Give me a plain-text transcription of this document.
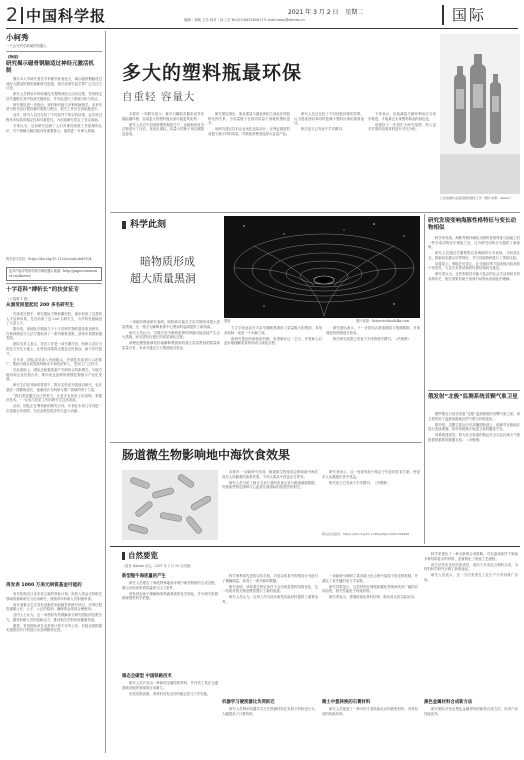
2 中国科学报	2021 年 3 月 2 日 星期二
编辑｜高峡 文乐 校对｜何工芬 Tel:(010)62580617 E-mail:news@stimes.cn	国际
小柯秀
一个会写科学新闻的机器人
《物理》
研究揭示磁骨钢脑适过神经元激活机制

墨尔本大学研究者在学术期刊发表论文，揭示磁骨钢脑适过神经元激活机制的最新研究进展，相关成果引起学界广泛关注与讨论。

研究人员利用多种成像技术观察神经元活动过程，发现特定信号通路在其中扮演关键角色，并对此进行了系统分析与验证。

研究团队进一步指出，该机制可能与多种疾病相关，未来有望为相关治疗提供新的思路与靶点，相关工作仍在持续推进中。

此外，研究人员还比较了不同条件下的实验结果，证实该过程具有较高的稳定性和可重复性，为后续研究奠定了坚实基础。

专家认为，这项研究加深了人们对神经系统工作原理的认识，对于理解大脑功能具有重要意义，值得进一步深入探索。

相关论文信息：https://doi.org/10.1126/sciadv.abd9104
更多内容详见科学网小柯机器人频道：http://paper.sciencenet.cn/Alnews/
十字花科“搏斩长”的扶贫征专
（上接第 1 版）
从演变回望起近 200 多名研究生

在演变过程中，研究团队不断积累经验，逐步形成了完善的人才培养体系，先后培养了近 200 名研究生，为学科发展输送了大量人才。

据介绍，该团队长期致力于十字花科作物的遗传改良研究，在育种理论与方法方面取得了一系列重要成果，获得多项国家级奖励。

团队负责人表示，扶贫工作是一项长期任务，科研人员应当把论文写在大地上，让科技成果真正惠及农民群众，助力乡村振兴。

多年来，团队成员深入田间地头，开展技术培训与示范推广，帮助当地农民提高种植水平和经济收入，受到了广泛好评。

在此基础上，团队还积极探索产学研结合的新模式，与地方政府和企业开展合作，推动优良品种的规模化种植与产业化发展。

研究生们在导师的带领下，既在实验室开展前沿研究，也在基层一线锻炼成长，逐渐成长为科研与推广领域的骨干力量。

“我们希望通过自己的努力，让更多农民用上好品种、掌握好技术。”一位参与扶贫工作的研究生这样说道。

目前，团队正在筹划新的研究方向，计划在未来几年内进一步拓展合作范围，为农业科技进步作出更大贡献。

再发表 1000 万美元病资基金可能的

有关机构近日宣布设立新的资助计划，拟投入资金支持相关领域的基础研究与应用研究，鼓励青年科研人员积极申请。

该计划重点关注具有创新性和前瞻性的研究项目，评审过程将遵循公开、公平、公正的原则，确保资金得到合理使用。

业内人士认为，这一举措将有效缓解部分研究团队的经费压力，激发科研人员的创新活力，推动相关学科持续健康发展。

据悉，首批资助项目名单预计将于年内公布，后续还将根据实施情况对计划进行动态调整和完善。

多大的塑料瓶最环保
自重轻 容量大
已完成棉铃虫基因组的测序工作（图片来源：Alamy）

本报讯 一项研究显示，就可口罐装容器来说并非越轻越环保，容量更大的塑料瓶反而可能更具优势。

研究人员对不同规格塑料瓶的生产、运输和回收全过程进行了评估，发现自重轻、容量大的瓶子单位碳排放更低。

研究团队指出，瓶身重量与盛装体积之间存在明显的比例关系，小容量瓶子在相同用量下消耗的塑料更多。

该研究建议饮料企业优化包装设计，在保证强度的前提下减少材料用量，并鼓励消费者选择大容量产品。

研究人员还比较了不同回收体系的效果，认为提高回收率同样是减少塑料污染的重要途径。

相关论文已发表于学术期刊。

专家表示，包装减量与循环利用应当同步推进，才能真正实现塑料制品的绿色化。

该团队下一步将扩大研究范围，纳入更多类型的包装材料进行对比分析。

科学此刻
暗物质形成
超大质量黑洞
黑洞	图片来源：hetnovtsobachilka.com

一项新的理论研究表明，暗物质可能在宇宙早期形成超大质量黑洞，这一观点为解释星系中心黑洞的起源提供了新线索。

研究人员认为，早期宇宙中暗物质晕的坍缩可能直接产生巨大黑洞，而无需经历漫长的恒星演化过程。

该理论模型能够较好地解释观测到的超大质量黑洞的数量和质量分布，未来可通过天文观测加以验证。

天文学家此前在宇宙早期就观测到了质量极大的黑洞，其形成机制一直是一个未解之谜。

新研究提出的暗物质机制，有望填补这一空白，并帮助人们更好地理解星系的形成与演化历程。

研究团队表示，下一步将结合数值模拟与观测数据，对该理论的预测进行检验。

相关研究成果已发表于天体物理学期刊。（冯维维）

研究发现变响海豚性格特征与变长动物相似

科学家发现，海豚等海洋哺乳动物的性格特征与陆地上的一些长寿动物存在相似之处，这为研究动物行为提供了新视角。

研究人员通过长期观察记录海豚的行为表现，分析其社交、探索和应激反应等特征，并与其他物种进行了系统比较。

结果显示，海豚在好奇心、社交倾向等方面表现出较高的个体差异，与灵长类等动物的性格结构较为接近。

研究者认为，这些相似性可能与复杂的社会生活和较长的寿命有关，相关成果有助于加深对动物认知演化的理解。

俄发射“北极”监测系统首颗气象卫星

俄罗斯近日成功发射“北极”监测系统的首颗气象卫星，该卫星将用于监测北极地区的气候与环境变化。

据介绍，这颗卫星运行在高椭圆轨道上，能够对北极地区进行连续观测，弥补传统静止轨道卫星的覆盖不足。

该系统建成后，将为北方航道的航运安全以及区域天气预报提供重要的数据支持。（冯维维）

肠道微生物影响地中海饮食效果

本报讯 一项新研究发现，肠道微生物组成会影响地中海饮食对人体健康的改善效果，不同人群从中获益存在差异。

研究人员分析了数百名参与者的饮食记录与肠道菌群数据，发现某些特定菌种与心血管代谢指标的改善密切相关。

研究者表示，这一发现有助于制定个性化的饮食方案，使更多人从健康饮食中受益。

相关论文已发表于学术期刊。（冯维维）

相关论文信息：https://doi.org/10.1136/gutjnl-2020-323399
自然要览
（选自 Nature 杂志，2021 年 2 月 25 日出版）
新型锂牛海底量的产生

研究人员报告了海底特殊地质环境中新型物质的生成过程，揭示其形成所需的温度与压力条件。

该发现有助于理解海底热液系统的化学演化，并为相关资源勘探提供科学依据。

稳态全碳型 中国铁路技术

研究人员开发出一种新的全碳结构材料，并评估了其在交通基础设施等领域的应用潜力。

实验结果表明，该材料具有良好的稳定性与力学性能。

科学家利用先进的实验手段，对复杂体系中的相变行为进行了精确测量，获得了一系列新的数据。

研究表明，该体系在特定条件下会出现显著的结构变化，这一结果对相关理论模型提出了新的挑战。

研究人员认为，这项工作为设计新型功能材料提供了重要参考。

机器学习硬度器比负荷跃迁

研究人员利用机器学习方法预测材料在负荷下的转变行为，大幅提高了计算效率。

一项新研究阐明了某类稀土化合物中氢原子的迁移机制，并测定了其关键的动力学参数。

研究结果显示，这类材料在储氢和催化等领域具有广阔的应用前景，相关性能优于传统材料。

研究者表示，将继续优化材料结构，推动其走向实际应用。

稀土中氢转换的石膏材料

研究人员报道了一种可用于氢转换反应的新型材料，具有较高的转换效率。

科学家提出了一种全新的合成策略，可在温和条件下制备多种结构复杂的材料，显著简化了传统工艺流程。

该方法具有良好的普适性，适用于多类化合物的合成，为材料科学研究开辟了新的途径。

研究人员表示，这一方法有望在工业生产中得到推广应用。

黑色金属材料合成新方法

研究团队开发出黑色金属材料的新型合成方法，所得产品性能优异。
